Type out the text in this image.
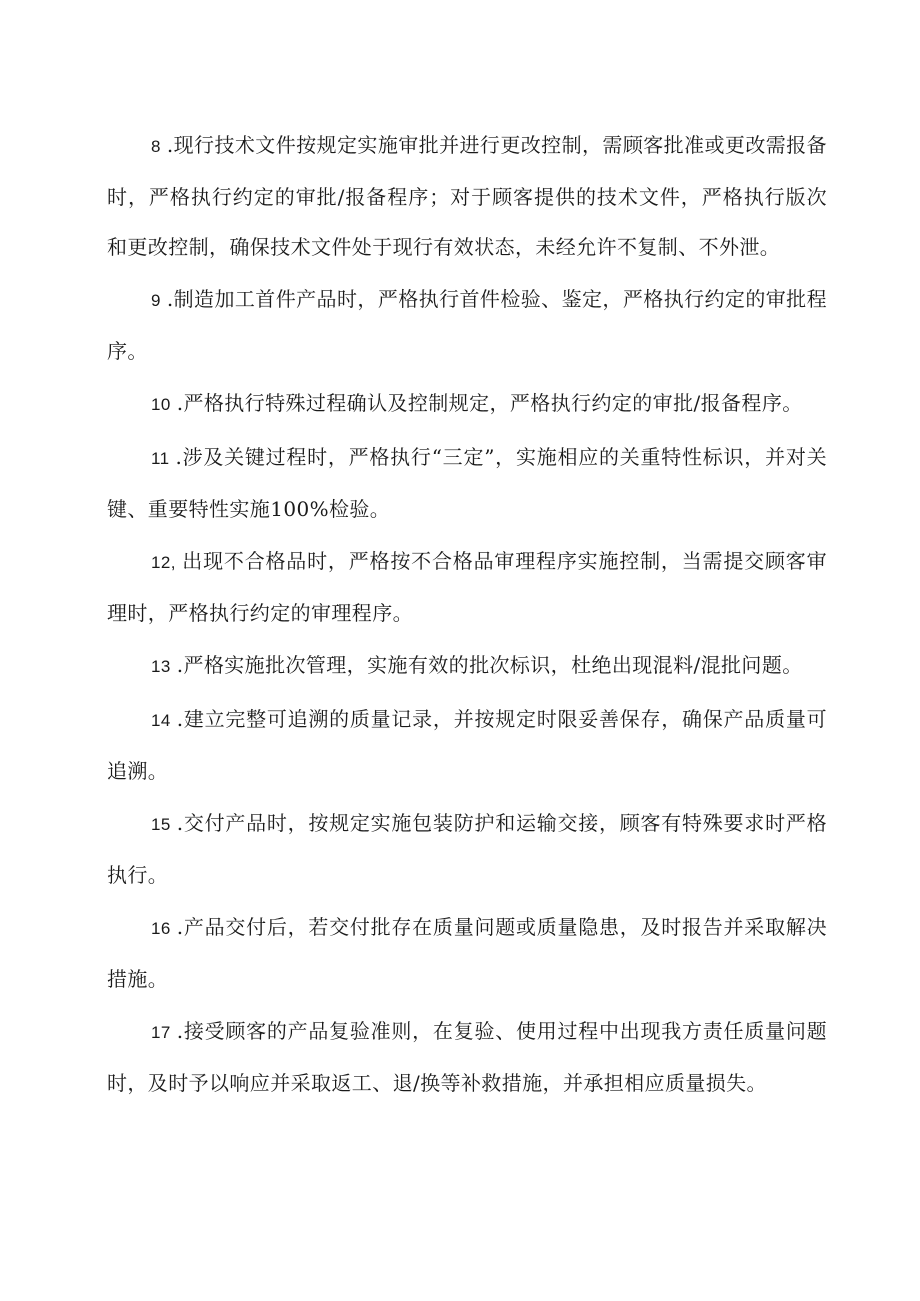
8 .现行技术文件按规定实施审批并进行更改控制，需顾客批准或更改需报备时，严格执行约定的审批/报备程序；对于顾客提供的技术文件，严格执行版次和更改控制，确保技术文件处于现行有效状态，未经允许不复制、不外泄。

9 .制造加工首件产品时，严格执行首件检验、鉴定，严格执行约定的审批程序。

10 .严格执行特殊过程确认及控制规定，严格执行约定的审批/报备程序。

11 .涉及关键过程时，严格执行“三定”，实施相应的关重特性标识，并对关键、重要特性实施100%检验。

12, 出现不合格品时，严格按不合格品审理程序实施控制，当需提交顾客审理时，严格执行约定的审理程序。

13 .严格实施批次管理，实施有效的批次标识，杜绝出现混料/混批问题。

14 .建立完整可追溯的质量记录，并按规定时限妥善保存，确保产品质量可追溯。

15 .交付产品时，按规定实施包装防护和运输交接，顾客有特殊要求时严格执行。

16 .产品交付后，若交付批存在质量问题或质量隐患，及时报告并采取解决措施。

17 .接受顾客的产品复验准则，在复验、使用过程中出现我方责任质量问题时，及时予以响应并采取返工、退/换等补救措施，并承担相应质量损失。
